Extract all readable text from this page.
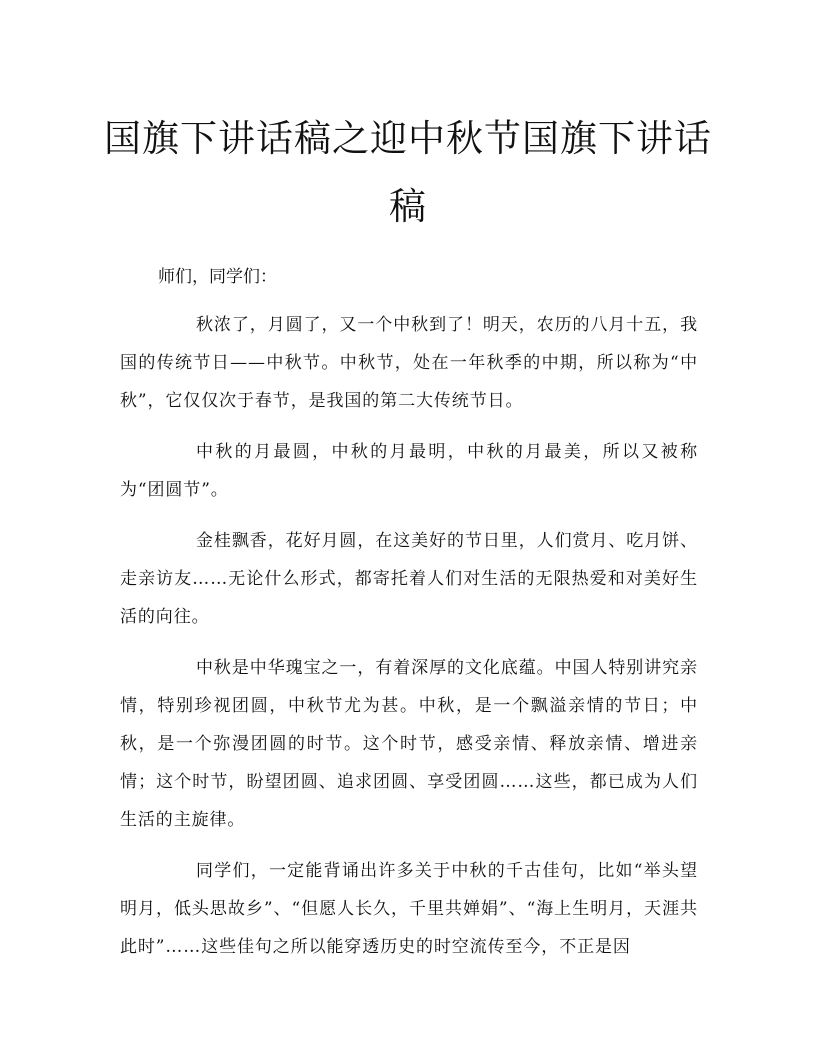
国旗下讲话稿之迎中秋节国旗下讲话稿

师们，同学们：

秋浓了，月圆了，又一个中秋到了！明天，农历的八月十五，我国的传统节日——中秋节。中秋节，处在一年秋季的中期，所以称为“中秋”，它仅仅次于春节，是我国的第二大传统节日。

中秋的月最圆，中秋的月最明，中秋的月最美，所以又被称为“团圆节”。

金桂飘香，花好月圆，在这美好的节日里，人们赏月、吃月饼、走亲访友……无论什么形式，都寄托着人们对生活的无限热爱和对美好生活的向往。

中秋是中华瑰宝之一，有着深厚的文化底蕴。中国人特别讲究亲情，特别珍视团圆，中秋节尤为甚。中秋，是一个飘溢亲情的节日；中秋，是一个弥漫团圆的时节。这个时节，感受亲情、释放亲情、增进亲情；这个时节，盼望团圆、追求团圆、享受团圆……这些，都已成为人们生活的主旋律。

同学们，一定能背诵出许多关于中秋的千古佳句，比如“举头望明月，低头思故乡”、“但愿人长久，千里共婵娟”、“海上生明月，天涯共此时”……这些佳句之所以能穿透历史的时空流传至今，不正是因
